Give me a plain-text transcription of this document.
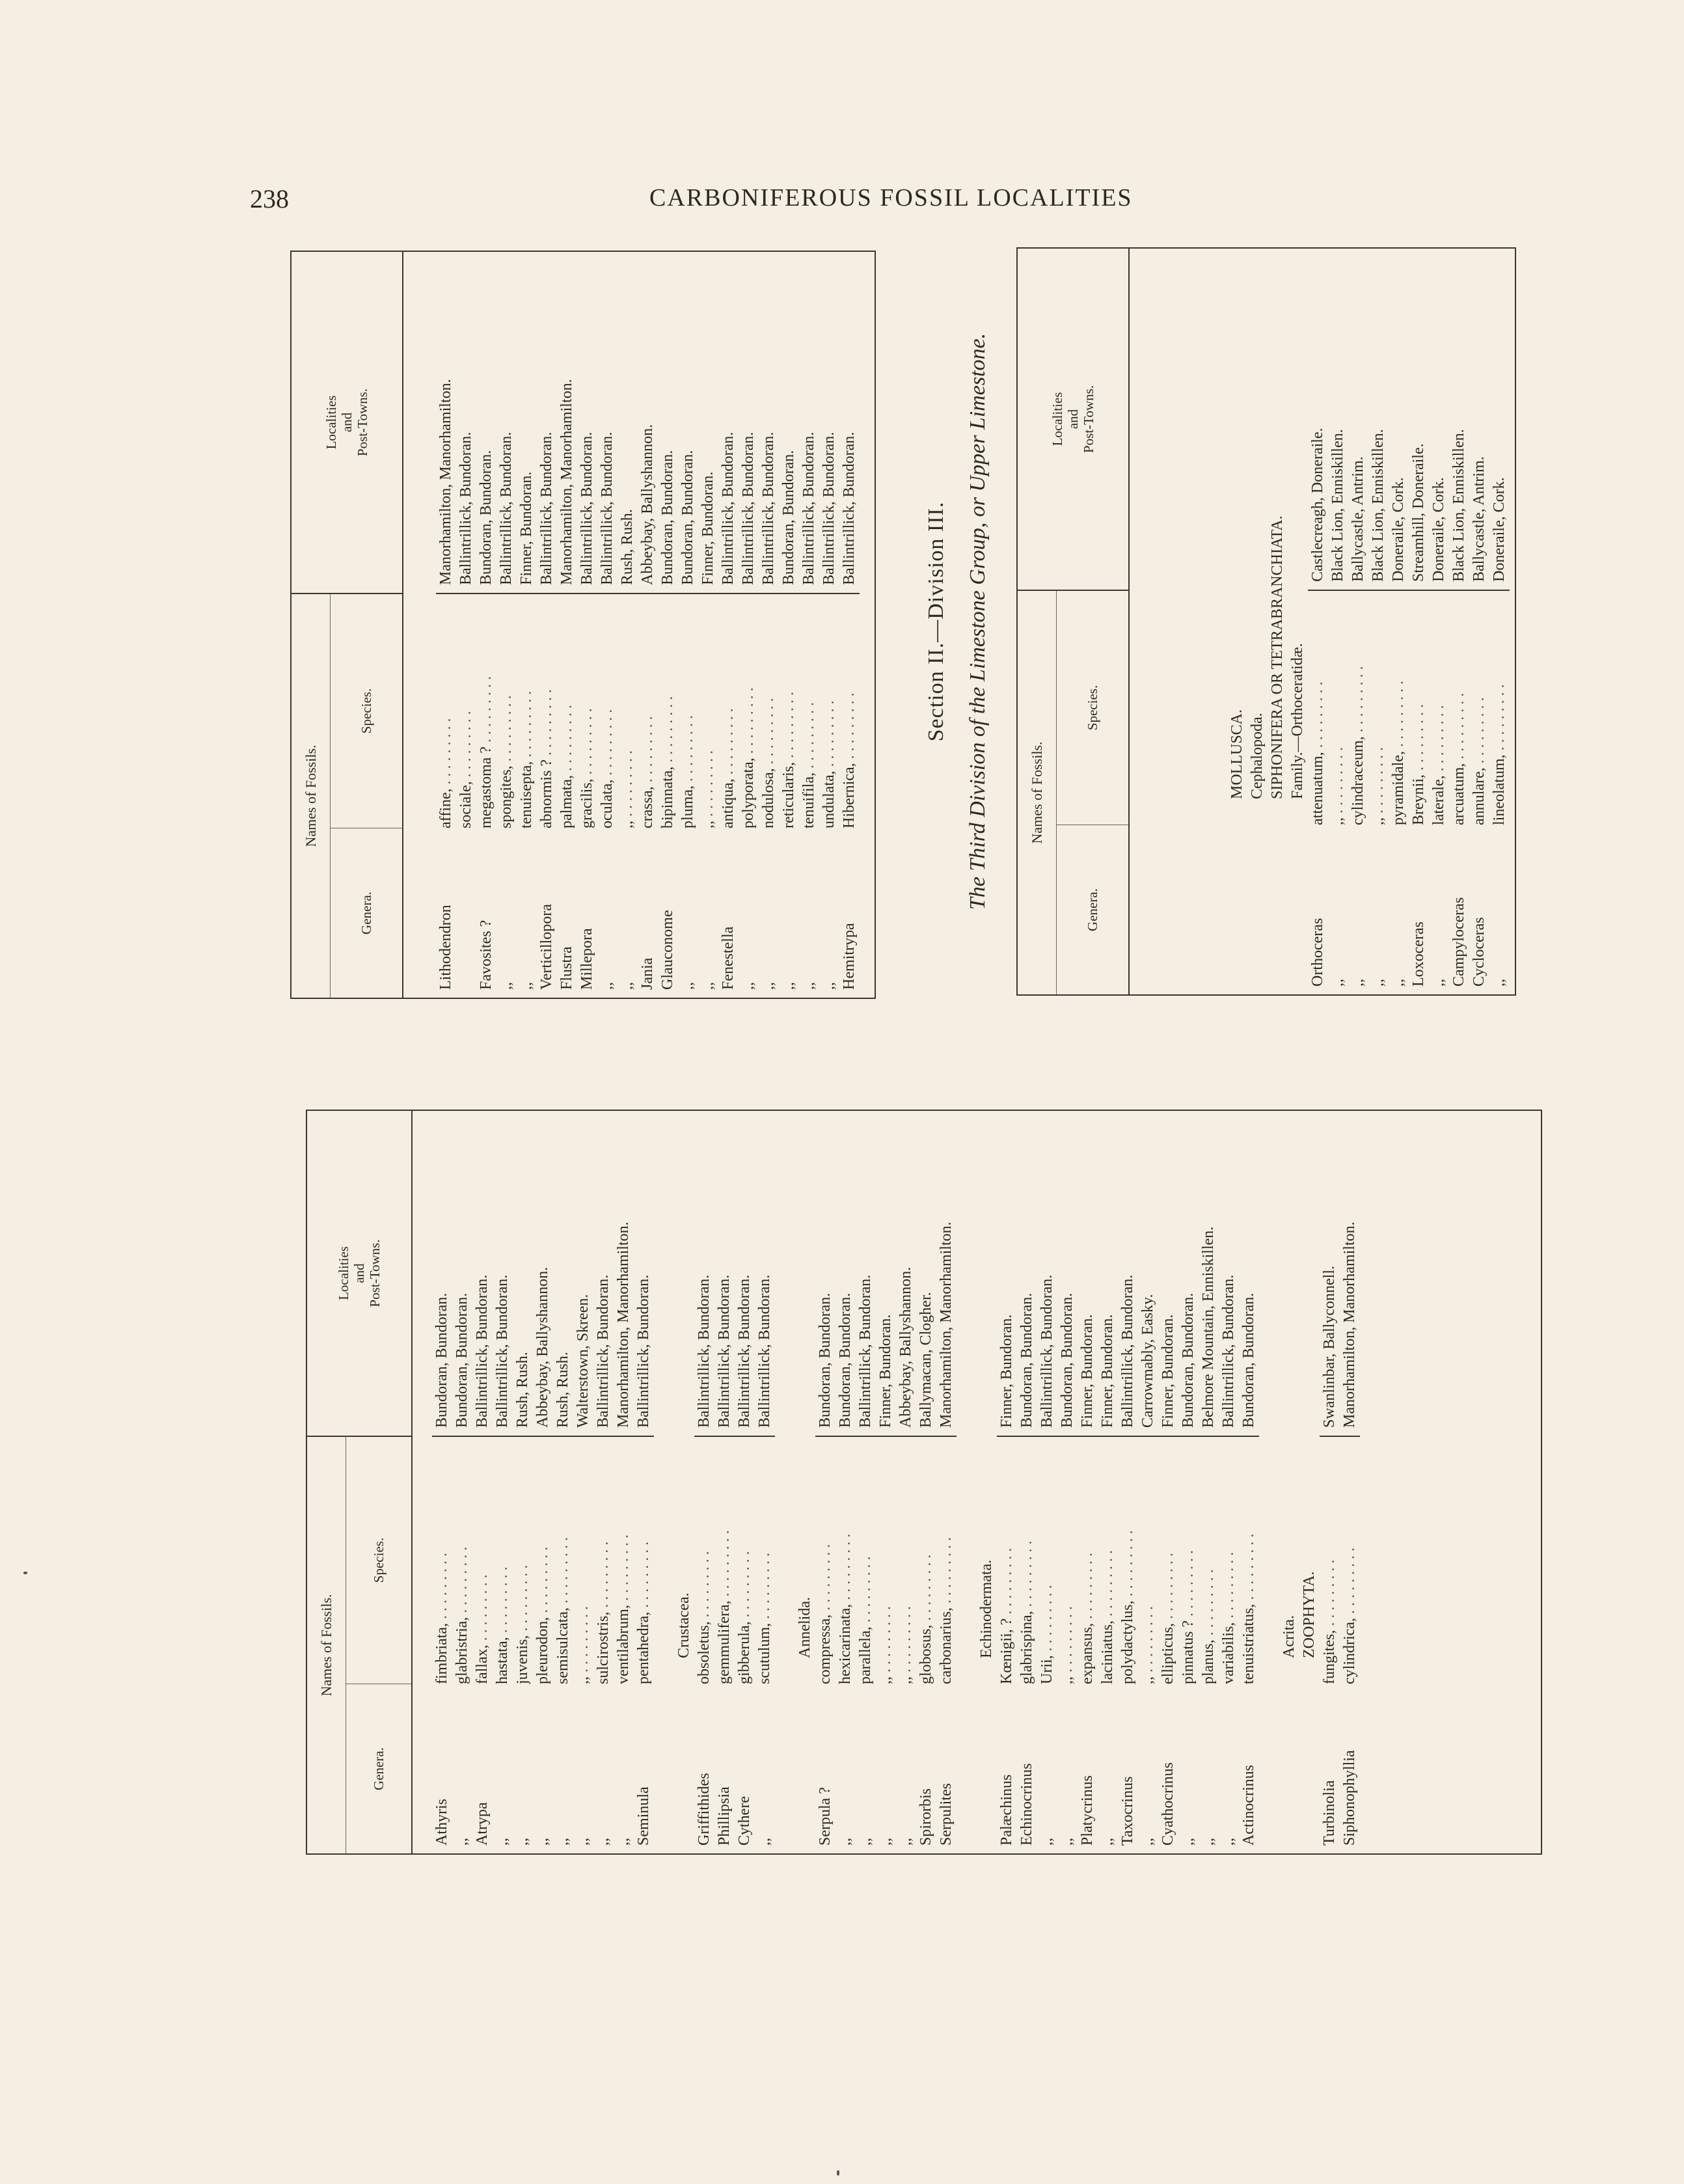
238	CARBONIFEROUS FOSSIL LOCALITIES
Names of Fossils.
Genera.
Species.
Localities
and
Post-Towns.
Lithodendron
affine, . . . . . . . . .
Manorhamilton, Manorhamilton.
sociale, . . . . . . . . .
Ballintrillick, Bundoran.
Favosites ?
megastoma ? . . . . . . . . .
Bundoran, Bundoran.
,,
spongites, . . . . . . . . .
Ballintrillick, Bundoran.
,,
tenuisepta, . . . . . . . . .
Finner, Bundoran.
Verticillopora
abnormis ? . . . . . . . . .
Ballintrillick, Bundoran.
Flustra
palmata, . . . . . . . . .
Manorhamilton, Manorhamilton.
Millepora
gracilis, . . . . . . . . .
Ballintrillick, Bundoran.
,,
oculata, . . . . . . . . .
Ballintrillick, Bundoran.
,,
,, . . . . . . . . .
Rush, Rush.
Jania
crassa, . . . . . . . . .
Abbeybay, Ballyshannon.
Glauconome
bipinnata, . . . . . . . . .
Bundoran, Bundoran.
,,
pluma, . . . . . . . . .
Bundoran, Bundoran.
,,
,, . . . . . . . . .
Finner, Bundoran.
Fenestella
antiqua, . . . . . . . . .
Ballintrillick, Bundoran.
,,
polyporata, . . . . . . . . .
Ballintrillick, Bundoran.
,,
nodulosa, . . . . . . . . .
Ballintrillick, Bundoran.
,,
reticularis, . . . . . . . . .
Bundoran, Bundoran.
,,
tenuifila, . . . . . . . . .
Ballintrillick, Bundoran.
,,
undulata, . . . . . . . . .
Ballintrillick, Bundoran.
Hemitrypa
Hibernica, . . . . . . . . .
Ballintrillick, Bundoran.
Names of Fossils.
Genera.
Species.
Localities
and
Post-Towns.
MOLLUSCA. Cephalopoda. SIPHONIFERA OR TETRABRANCHIATA. Family.—Orthoceratidæ.
Orthoceras
attenuatum, . . . . . . . . .
Castlecreagh, Doneraile.
,,
,, . . . . . . . . .
Black Lion, Enniskillen.
,,
cylindraceum, . . . . . . . . .
Ballycastle, Antrim.
,,
,, . . . . . . . . .
Black Lion, Enniskillen.
,,
pyramidale, . . . . . . . . .
Doneraile, Cork.
Loxoceras
Breynii, . . . . . . . . .
Streamhill, Doneraile.
,,
laterale, . . . . . . . . .
Doneraile, Cork.
Campyloceras
arcuatum, . . . . . . . . .
Black Lion, Enniskillen.
Cycloceras
annulare, . . . . . . . . .
Ballycastle, Antrim.
,,
lineolatum, . . . . . . . . .
Doneraile, Cork.
Section II.—Division III. The Third Division of the Limestone Group, or Upper Limestone.
Names of Fossils.
Genera.
Species.
Localities
and
Post-Towns.
Athyris
fimbriata, . . . . . . . . .
Bundoran, Bundoran.
,,
glabristria, . . . . . . . . .
Bundoran, Bundoran.
Atrypa
fallax, . . . . . . . . .
Ballintrillick, Bundoran.
,,
hastata, . . . . . . . . .
Ballintrillick, Bundoran.
,,
juvenis, . . . . . . . . .
Rush, Rush.
,,
pleurodon, . . . . . . . . .
Abbeybay, Ballyshannon.
,,
semisulcata, . . . . . . . . .
Rush, Rush.
,,
,, . . . . . . . . .
Walterstown, Skreen.
,,
sulcirostris, . . . . . . . . .
Ballintrillick, Bundoran.
,,
ventilabrum, . . . . . . . . .
Manorhamilton, Manorhamilton.
Seminula
pentahedra, . . . . . . . . .
Ballintrillick, Bundoran.
Crustacea.
Griffithides
obsoletus, . . . . . . . . .
Ballintrillick, Bundoran.
Phillipsia
gemmulifera, . . . . . . . . .
Ballintrillick, Bundoran.
Cythere
gibberula, . . . . . . . . .
Ballintrillick, Bundoran.
,,
scutulum, . . . . . . . . .
Ballintrillick, Bundoran.
Annelida.
Serpula ?
compressa, . . . . . . . . .
Bundoran, Bundoran.
,,
hexicarinata, . . . . . . . . .
Bundoran, Bundoran.
,,
parallela, . . . . . . . . .
Ballintrillick, Bundoran.
,,
,, . . . . . . . . .
Finner, Bundoran.
,,
,, . . . . . . . . .
Abbeybay, Ballyshannon.
Spirorbis
globosus, . . . . . . . . .
Ballymacan, Clogher.
Serpulites
carbonarius, . . . . . . . . .
Manorhamilton, Manorhamilton.
Echinodermata.
Palæchinus
Kœnigii, ? . . . . . . . . .
Finner, Bundoran.
Echinocrinus
glabrispina, . . . . . . . . .
Bundoran, Bundoran.
,,
Urii, . . . . . . . . .
Ballintrillick, Bundoran.
,,
,, . . . . . . . . .
Bundoran, Bundoran.
Platycrinus
expansus, . . . . . . . . .
Finner, Bundoran.
,,
laciniatus, . . . . . . . . .
Finner, Bundoran.
Taxocrinus
polydactylus, . . . . . . . . .
Ballintrillick, Bundoran.
,,
,, . . . . . . . . .
Carrowmably, Easky.
Cyathocrinus
ellipticus, . . . . . . . . .
Finner, Bundoran.
,,
pinnatus ? . . . . . . . . .
Bundoran, Bundoran.
,,
planus, . . . . . . . . .
Belmore Mountain, Enniskillen.
,,
variabilis, . . . . . . . . .
Ballintrillick, Bundoran.
Actinocrinus
tenuistriatus, . . . . . . . . .
Bundoran, Bundoran.
Acrita. ZOOPHYTA.
Turbinolia
fungites, . . . . . . . . .
Swanlinbar, Ballyconnell.
Siphonophyllia
cylindrica, . . . . . . . . .
Manorhamilton, Manorhamilton.
